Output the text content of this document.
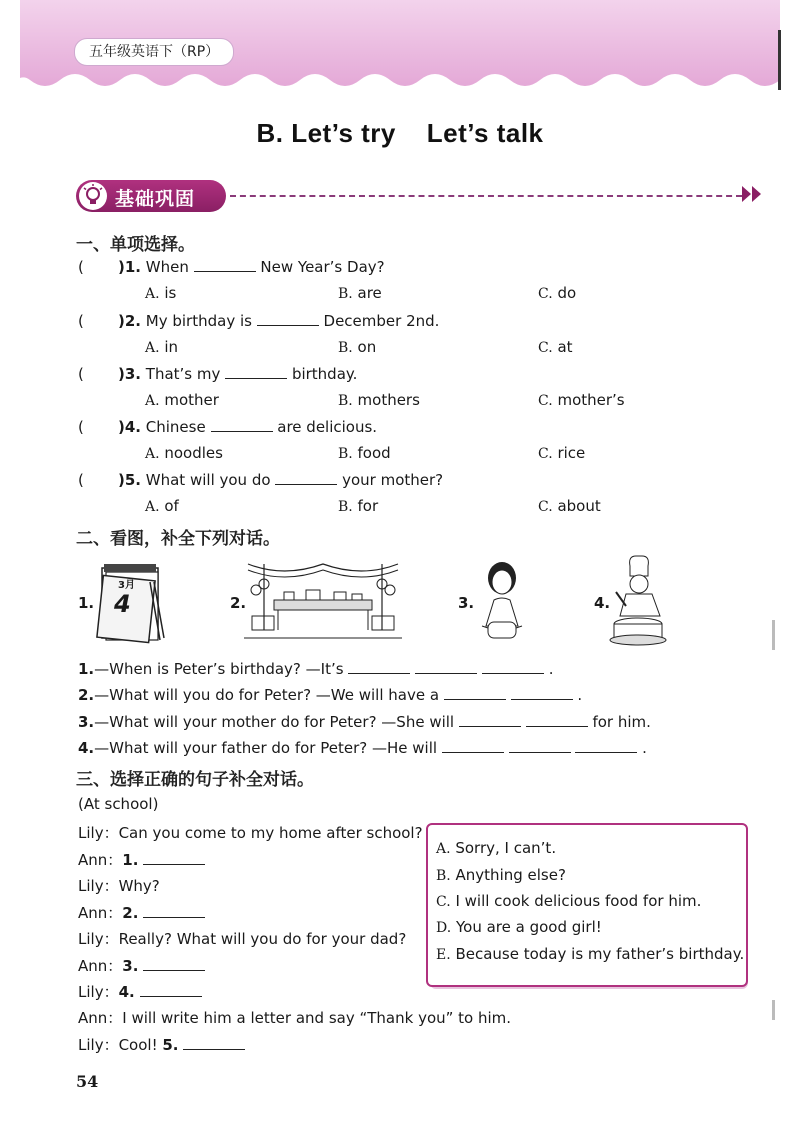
五年级英语下（RP）
B. Let’s try    Let’s talk
基础巩固
一、单项选择。
( )1. When	New Year’s Day?
A. is	B. are	C. do
( )2. My birthday is	December 2nd.
A. in	B. on	C. at
( )3. That’s my	birthday.
A. mother	B. mothers	C. mother’s
( )4. Chinese	are delicious.
A. noodles	B. food	C. rice
( )5. What will you do	your mother?
A. of	B. for	C. about
二、看图，补全下列对话。
1.
3月
4	2.	3.	4.
1.—When is Peter’s birthday? —It’s	.
2.—What will you do for Peter? —We will have a	.
3.—What will your mother do for Peter? —She will	for him.
4.—What will your father do for Peter? —He will	.
三、选择正确的句子补全对话。
(At school)
Lily：Can you come to my home after school?
Ann：1.
Lily：Why?
Ann：2.
Lily：Really? What will you do for your dad?
Ann：3.
Lily：4.
Ann：I will write him a letter and say “Thank you” to him.
Lily：Cool! 5.
A. Sorry, I can’t.
B. Anything else?
C. I will cook delicious food for him.
D. You are a good girl!
E. Because today is my father’s birthday.
54
